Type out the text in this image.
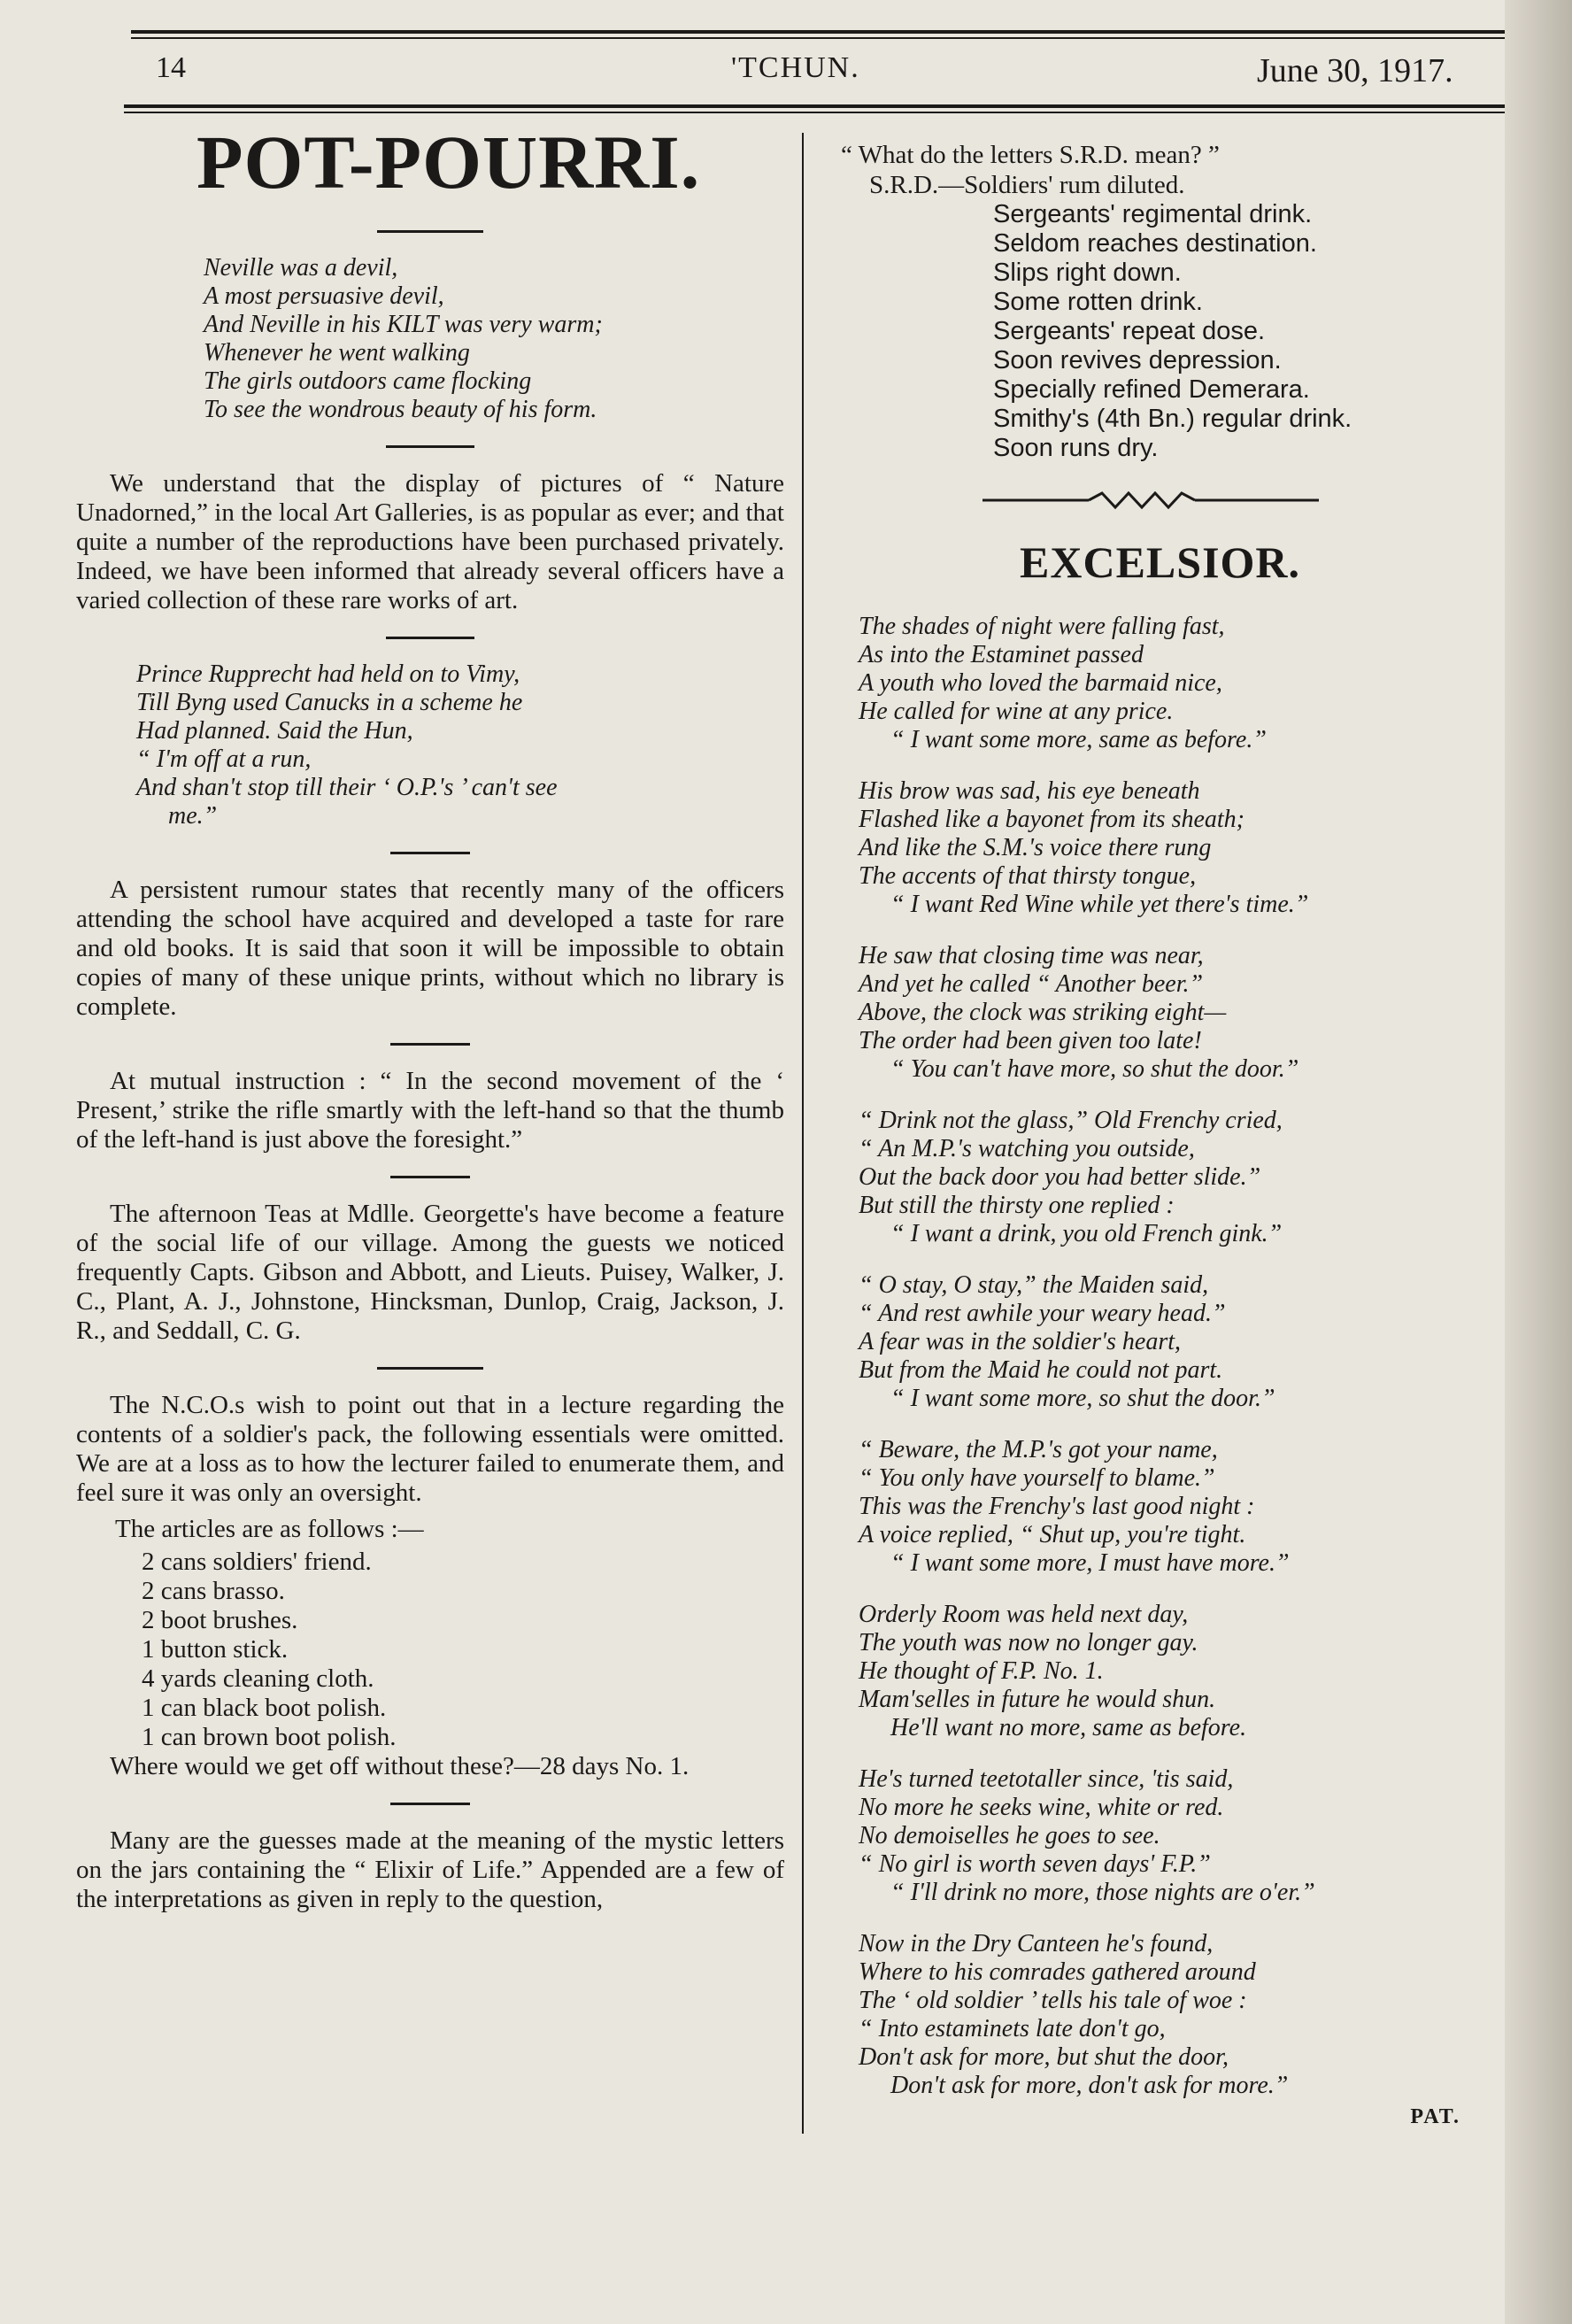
14	'TCHUN.	June 30, 1917.
POT-POURRI.
Neville was a devil,
A most persuasive devil,
And Neville in his KILT was very warm;
Whenever he went walking
The girls outdoors came flocking
To see the wondrous beauty of his form.

We understand that the display of pictures of “ Nature Unadorned,” in the local Art Galleries, is as popular as ever; and that quite a number of the reproductions have been purchased privately. Indeed, we have been informed that already several officers have a varied collection of these rare works of art.

Prince Rupprecht had held on to Vimy,
Till Byng used Canucks in a scheme he
Had planned. Said the Hun,
“ I'm off at a run,
And shan't stop till their ‘ O.P.'s ’ can't see
me.”

A persistent rumour states that recently many of the officers attending the school have acquired and developed a taste for rare and old books. It is said that soon it will be impossible to obtain copies of many of these unique prints, without which no library is complete.

At mutual instruction : “ In the second movement of the ‘ Present,’ strike the rifle smartly with the left-hand so that the thumb of the left-hand is just above the foresight.”

The afternoon Teas at Mdlle. Georgette's have become a feature of the social life of our village. Among the guests we noticed frequently Capts. Gibson and Abbott, and Lieuts. Puisey, Walker, J. C., Plant, A. J., Johnstone, Hincksman, Dunlop, Craig, Jackson, J. R., and Seddall, C. G.

The N.C.O.s wish to point out that in a lecture regarding the contents of a soldier's pack, the following essentials were omitted. We are at a loss as to how the lecturer failed to enumerate them, and feel sure it was only an oversight.

The articles are as follows :—
2 cans soldiers' friend.
2 cans brasso.
2 boot brushes.
1 button stick.
4 yards cleaning cloth.
1 can black boot polish.
1 can brown boot polish.

Where would we get off without these?—28 days No. 1.

Many are the guesses made at the meaning of the mystic letters on the jars containing the “ Elixir of Life.” Appended are a few of the interpretations as given in reply to the question,

“ What do the letters S.R.D. mean? ”
S.R.D.—Soldiers' rum diluted.
Sergeants' regimental drink.
Seldom reaches destination.
Slips right down.
Some rotten drink.
Sergeants' repeat dose.
Soon revives depression.
Specially refined Demerara.
Smithy's (4th Bn.) regular drink.
Soon runs dry.
EXCELSIOR.
The shades of night were falling fast,
As into the Estaminet passed
A youth who loved the barmaid nice,
He called for wine at any price.
“ I want some more, same as before.”
His brow was sad, his eye beneath
Flashed like a bayonet from its sheath;
And like the S.M.'s voice there rung
The accents of that thirsty tongue,
“ I want Red Wine while yet there's time.”
He saw that closing time was near,
And yet he called “ Another beer.”
Above, the clock was striking eight—
The order had been given too late!
“ You can't have more, so shut the door.”
“ Drink not the glass,” Old Frenchy cried,
“ An M.P.'s watching you outside,
Out the back door you had better slide.”
But still the thirsty one replied :
“ I want a drink, you old French gink.”
“ O stay, O stay,” the Maiden said,
“ And rest awhile your weary head.”
A fear was in the soldier's heart,
But from the Maid he could not part.
“ I want some more, so shut the door.”
“ Beware, the M.P.'s got your name,
“ You only have yourself to blame.”
This was the Frenchy's last good night :
A voice replied, “ Shut up, you're tight.
“ I want some more, I must have more.”
Orderly Room was held next day,
The youth was now no longer gay.
He thought of F.P. No. 1.
Mam'selles in future he would shun.
He'll want no more, same as before.
He's turned teetotaller since, 'tis said,
No more he seeks wine, white or red.
No demoiselles he goes to see.
“ No girl is worth seven days' F.P.”
“ I'll drink no more, those nights are o'er.”
Now in the Dry Canteen he's found,
Where to his comrades gathered around
The ‘ old soldier ’ tells his tale of woe :
“ Into estaminets late don't go,
Don't ask for more, but shut the door,
Don't ask for more, don't ask for more.”
PAT.
